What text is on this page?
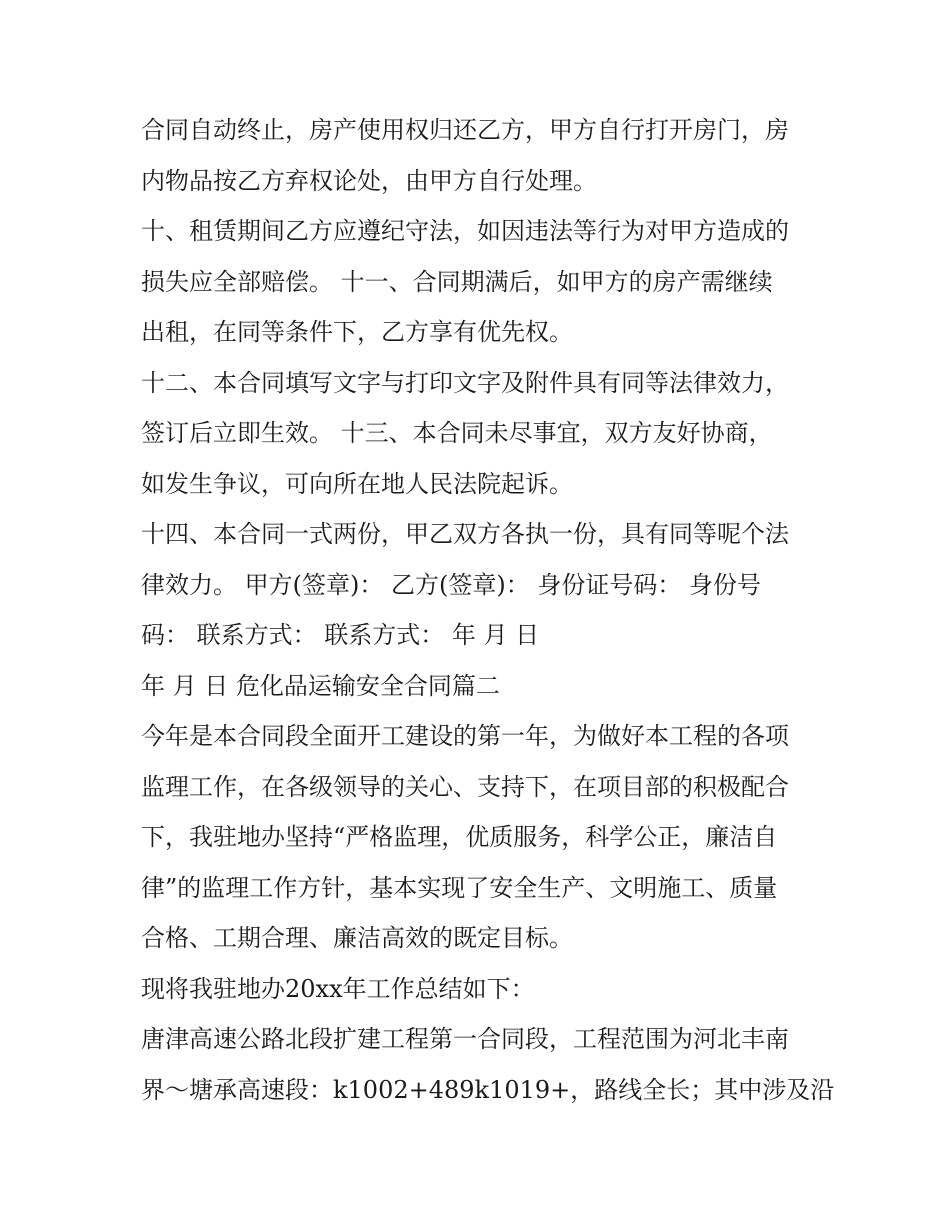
合同自动终止，房产使用权归还乙方，甲方自行打开房门，房
内物品按乙方弃权论处，由甲方自行处理。
十、租赁期间乙方应遵纪守法，如因违法等行为对甲方造成的
损失应全部赔偿。 十一、合同期满后，如甲方的房产需继续
出租，在同等条件下，乙方享有优先权。
十二、本合同填写文字与打印文字及附件具有同等法律效力，
签订后立即生效。 十三、本合同未尽事宜，双方友好协商，
如发生争议，可向所在地人民法院起诉。
十四、本合同一式两份，甲乙双方各执一份，具有同等呢个法
律效力。 甲方(签章)： 乙方(签章)： 身份证号码： 身份号
码： 联系方式： 联系方式： 年 月 日
年 月 日 危化品运输安全合同篇二
今年是本合同段全面开工建设的第一年，为做好本工程的各项
监理工作，在各级领导的关心、支持下，在项目部的积极配合
下，我驻地办坚持“严格监理，优质服务，科学公正，廉洁自
律”的监理工作方针，基本实现了安全生产、文明施工、质量
合格、工期合理、廉洁高效的既定目标。
现将我驻地办20xx年工作总结如下：
唐津高速公路北段扩建工程第一合同段，工程范围为河北丰南
界～塘承高速段：k1002+489k1019+，路线全长；其中涉及沿
